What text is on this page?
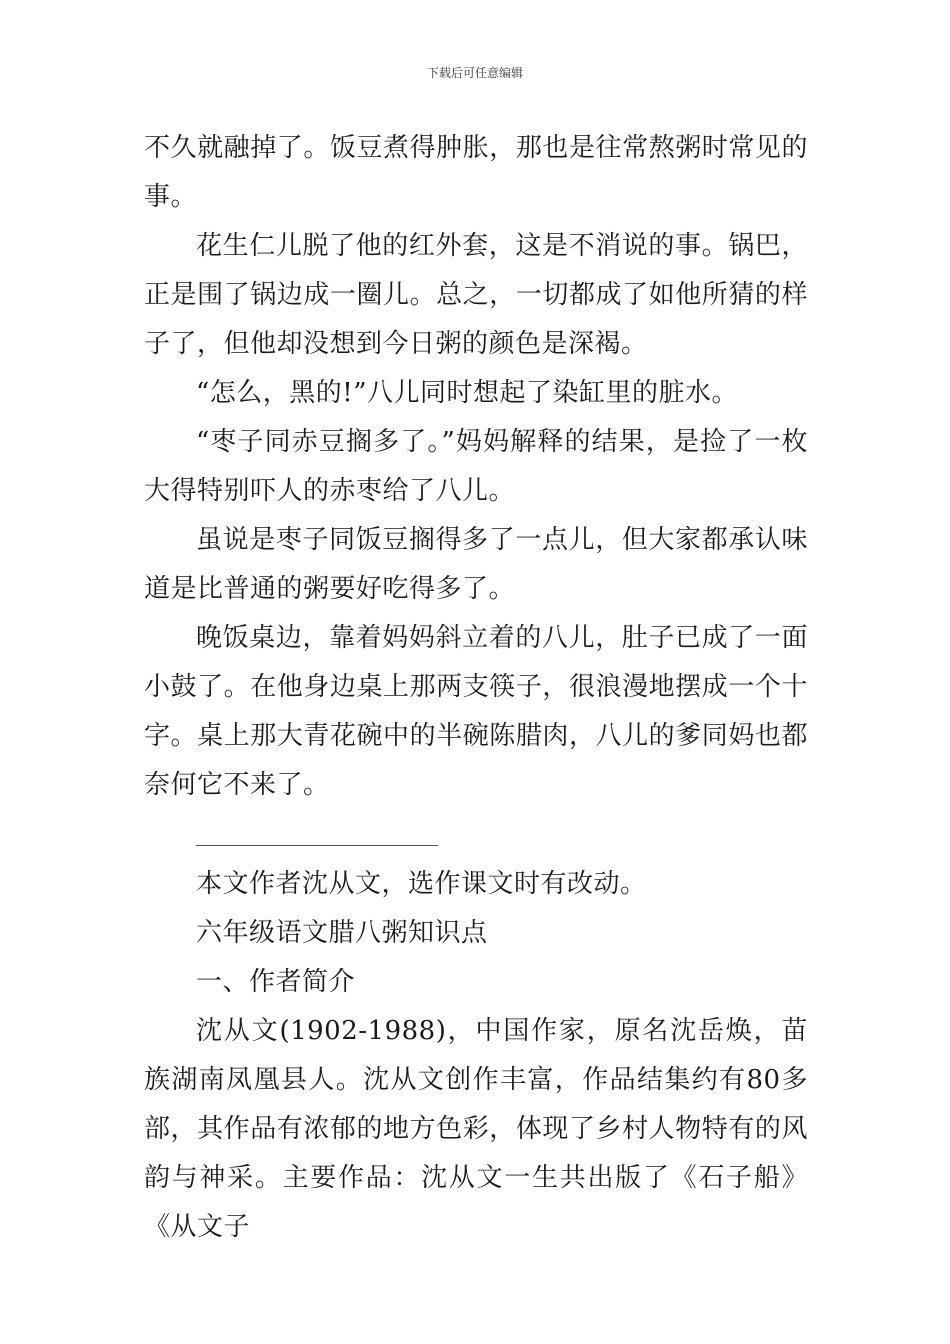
下载后可任意编辑

不久就融掉了。饭豆煮得肿胀，那也是往常熬粥时常见的事。

花生仁儿脱了他的红外套，这是不消说的事。锅巴，正是围了锅边成一圈儿。总之，一切都成了如他所猜的样子了，但他却没想到今日粥的颜色是深褐。

“怎么，黑的!”八儿同时想起了染缸里的脏水。

“枣子同赤豆搁多了。”妈妈解释的结果，是捡了一枚大得特别吓人的赤枣给了八儿。

虽说是枣子同饭豆搁得多了一点儿，但大家都承认味道是比普通的粥要好吃得多了。

晚饭桌边，靠着妈妈斜立着的八儿，肚子已成了一面小鼓了。在他身边桌上那两支筷子，很浪漫地摆成一个十字。桌上那大青花碗中的半碗陈腊肉，八儿的爹同妈也都奈何它不来了。

本文作者沈从文，选作课文时有改动。

六年级语文腊八粥知识点

一、作者简介

沈从文(1902-1988)，中国作家，原名沈岳焕，苗族湖南凤凰县人。沈从文创作丰富，作品结集约有80多部，其作品有浓郁的地方色彩，体现了乡村人物特有的风韵与神采。主要作品：沈从文一生共出版了《石子船》《从文子
